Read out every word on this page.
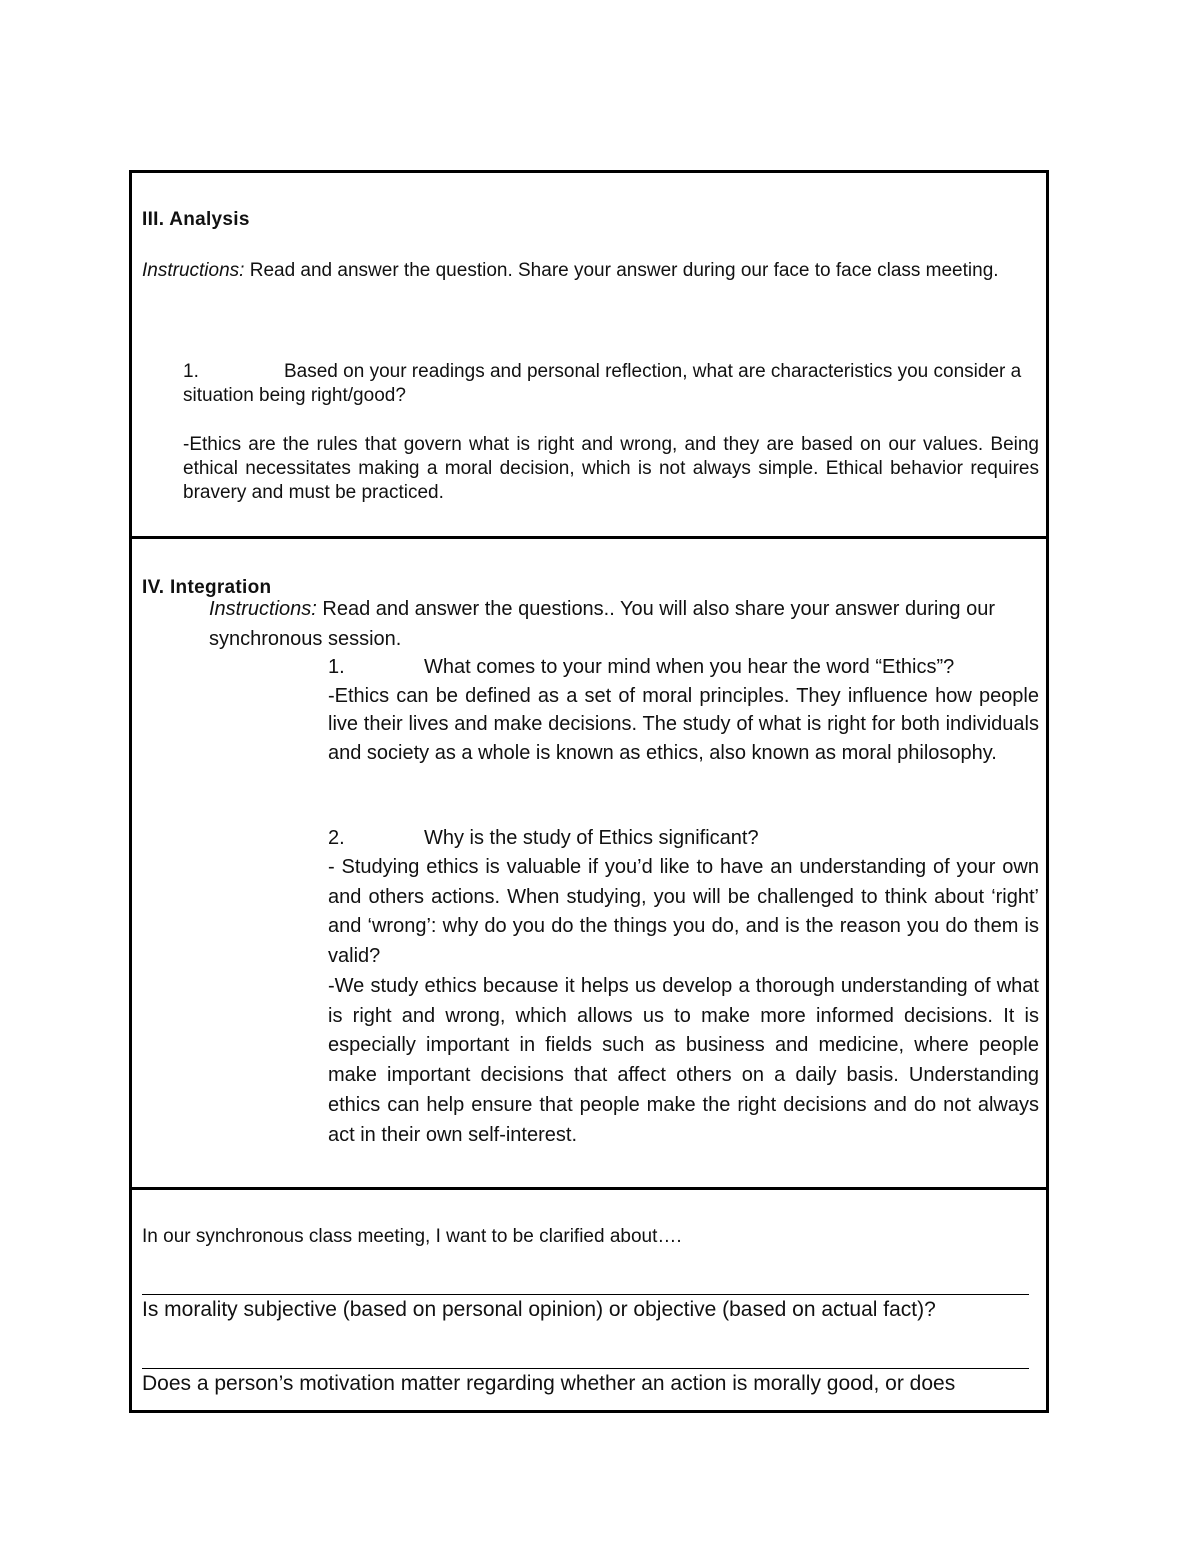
III. Analysis

Instructions: Read and answer the question. Share your answer during our face to face class meeting.

1.	Based on your readings and personal reflection, what are characteristics you consider a situation being right/good?

-Ethics are the rules that govern what is right and wrong, and they are based on our values. Being ethical necessitates making a moral decision, which is not always simple. Ethical behavior requires bravery and must be practiced.

IV. Integration

Instructions: Read and answer the questions.. You will also share your answer during our synchronous session.

1.	What comes to your mind when you hear the word “Ethics”?

-Ethics can be defined as a set of moral principles. They influence how people live their lives and make decisions. The study of what is right for both individuals and society as a whole is known as ethics, also known as moral philosophy.

2.	Why is the study of Ethics significant?

- Studying ethics is valuable if you’d like to have an understanding of your own and others actions. When studying, you will be challenged to think about ‘right’ and ‘wrong’: why do you do the things you do, and is the reason you do them is valid?

-We study ethics because it helps us develop a thorough understanding of what is right and wrong, which allows us to make more informed decisions. It is especially important in fields such as business and medicine, where people make important decisions that affect others on a daily basis. Understanding ethics can help ensure that people make the right decisions and do not always act in their own self-interest.

In our synchronous class meeting, I want to be clarified about….

Is morality subjective (based on personal opinion) or objective (based on actual fact)?

Does a person’s motivation matter regarding whether an action is morally good, or does
